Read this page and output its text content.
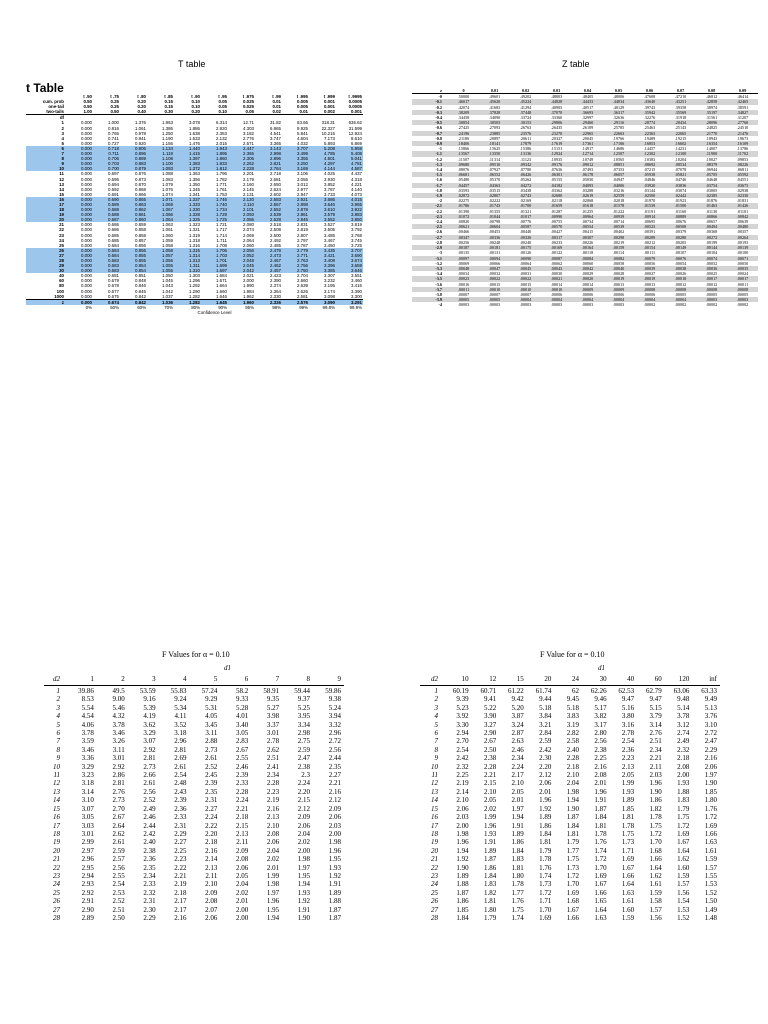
T table	Z table
F Values for α = 0.10	F Value for α = 0.10
t Table
	t .50	t .75	t .80	t .85	t .90	t .95	t .975	t .99	t .995	t .999	t .9995
cum. prob	0.50	0.25	0.20	0.15	0.10	0.05	0.025	0.01	0.005	0.001	0.0005
one-tail	0.50	0.25	0.20	0.15	0.10	0.05	0.025	0.01	0.005	0.001	0.0005
two-tails	1.00	0.50	0.40	0.30	0.20	0.10	0.05	0.02	0.01	0.002	0.001
df											
1	0.000	1.000	1.376	1.963	3.078	6.314	12.71	31.82	63.66	318.31	636.62
2	0.000	0.816	1.061	1.386	1.886	2.920	4.303	6.965	9.925	22.327	31.599
3	0.000	0.765	0.978	1.250	1.638	2.353	3.182	4.541	5.841	10.215	12.924
4	0.000	0.741	0.941	1.190	1.533	2.132	2.776	3.747	4.604	7.173	8.610
5	0.000	0.727	0.920	1.156	1.476	2.015	2.571	3.365	4.032	5.893	6.869
6	0.000	0.718	0.906	1.134	1.440	1.943	2.447	3.143	3.707	5.208	5.959
7	0.000	0.711	0.896	1.119	1.415	1.895	2.365	2.998	3.499	4.785	5.408
8	0.000	0.706	0.889	1.108	1.397	1.860	2.306	2.896	3.355	4.501	5.041
9	0.000	0.703	0.883	1.100	1.383	1.833	2.262	2.821	3.250	4.297	4.781
10	0.000	0.700	0.879	1.093	1.372	1.812	2.228	2.764	3.169	4.144	4.587
11	0.000	0.697	0.876	1.088	1.363	1.796	2.201	2.718	3.106	4.025	4.437
12	0.000	0.695	0.873	1.083	1.356	1.782	2.179	2.681	3.055	3.930	4.318
13	0.000	0.694	0.870	1.079	1.350	1.771	2.160	2.650	3.012	3.852	4.221
14	0.000	0.692	0.868	1.076	1.345	1.761	2.145	2.624	2.977	3.787	4.140
15	0.000	0.691	0.866	1.074	1.341	1.753	2.131	2.602	2.947	3.733	4.073
16	0.000	0.690	0.865	1.071	1.337	1.746	2.120	2.583	2.921	3.686	4.015
17	0.000	0.689	0.863	1.069	1.333	1.740	2.110	2.567	2.898	3.646	3.965
18	0.000	0.688	0.862	1.067	1.330	1.734	2.101	2.552	2.878	3.610	3.922
19	0.000	0.688	0.861	1.066	1.328	1.729	2.093	2.539	2.861	3.579	3.883
20	0.000	0.687	0.860	1.064	1.325	1.725	2.086	2.528	2.845	3.552	3.850
21	0.000	0.686	0.859	1.063	1.323	1.721	2.080	2.518	2.831	3.527	3.819
22	0.000	0.686	0.858	1.061	1.321	1.717	2.074	2.508	2.819	3.505	3.792
23	0.000	0.685	0.858	1.060	1.319	1.714	2.069	2.500	2.807	3.485	3.768
24	0.000	0.685	0.857	1.059	1.318	1.711	2.064	2.492	2.797	3.467	3.745
25	0.000	0.684	0.856	1.058	1.316	1.708	2.060	2.485	2.787	3.450	3.725
26	0.000	0.684	0.856	1.058	1.315	1.706	2.056	2.479	2.779	3.435	3.707
27	0.000	0.684	0.855	1.057	1.314	1.703	2.052	2.473	2.771	3.421	3.690
28	0.000	0.683	0.855	1.056	1.313	1.701	2.048	2.467	2.763	3.408	3.674
29	0.000	0.683	0.854	1.055	1.311	1.699	2.045	2.462	2.756	3.396	3.659
30	0.000	0.683	0.854	1.055	1.310	1.697	2.042	2.457	2.750	3.385	3.646
40	0.000	0.681	0.851	1.050	1.303	1.684	2.021	2.423	2.704	3.307	3.551
60	0.000	0.679	0.848	1.045	1.296	1.671	2.000	2.390	2.660	3.232	3.460
80	0.000	0.678	0.846	1.043	1.292	1.664	1.990	2.374	2.639	3.195	3.416
100	0.000	0.677	0.845	1.042	1.290	1.660	1.984	2.364	2.626	3.174	3.390
1000	0.000	0.675	0.842	1.037	1.282	1.646	1.962	2.330	2.581	3.098	3.300
z	0.000	0.674	0.842	1.036	1.282	1.645	1.960	2.326	2.576	3.090	3.291
	0%	50%	60%	70%	80%	90%	95%	98%	99%	99.8%	99.9%
	Confidence Level										
z	0	0.01	0.02	0.03	0.04	0.05	0.06	0.07	0.08	0.09
-0	.50000	.49601	.49202	.48803	.48405	.48006	.47608	.47210	.46812	.46414
-0.1	.46017	.45620	.45224	.44828	.44433	.44034	.43640	.43251	.42858	.42465
-0.2	.42074	.41683	.41294	.40905	.40517	.40129	.39743	.39358	.38974	.38591
-0.3	.38209	.37828	.37448	.37070	.36693	.36317	.35942	.35569	.35197	.34827
-0.4	.34458	.34090	.33724	.33360	.32997	.32636	.32276	.31918	.31561	.31207
-0.5	.30854	.30503	.30153	.29806	.29460	.29116	.28774	.28434	.28096	.27760
-0.6	.27425	.27093	.26763	.26435	.26109	.25785	.25463	.25143	.24825	.24510
-0.7	.24196	.23885	.23576	.23270	.22965	.22663	.22363	.22065	.21770	.21476
-0.8	.21186	.20897	.20611	.20327	.20045	.19766	.19489	.19215	.18943	.18673
-0.9	.18406	.18141	.17879	.17619	.17361	.17106	.16853	.16602	.16354	.16109
-1	.15866	.15625	.15386	.15151	.14917	.14686	.14457	.14231	.14007	.13786
-1.1	.13567	.13350	.13136	.12924	.12714	.12507	.12302	.12100	.11900	.11702
-1.2	.11507	.11314	.11123	.10935	.10749	.10565	.10383	.10204	.10027	.09853
-1.3	.09680	.09510	.09342	.09176	.09012	.08851	.08692	.08534	.08379	.08226
-1.4	.08076	.07927	.07780	.07636	.07493	.07353	.07215	.07078	.06944	.06811
-1.5	.06681	.06552	.06426	.06301	.06178	.06057	.05938	.05821	.05705	.05592
-1.6	.05480	.05370	.05262	.05155	.05050	.04947	.04846	.04746	.04648	.04551
-1.7	.04457	.04363	.04272	.04182	.04093	.04006	.03920	.03836	.03754	.03673
-1.8	.03593	.03515	.03438	.03362	.03288	.03216	.03144	.03074	.03005	.02938
-1.9	.02872	.02807	.02743	.02680	.02619	.02559	.02500	.02442	.02385	.02330
-2	.02275	.02222	.02169	.02118	.02068	.02018	.01970	.01923	.01876	.01831
-2.1	.01786	.01743	.01700	.01659	.01618	.01578	.01539	.01500	.01463	.01426
-2.2	.01390	.01355	.01321	.01287	.01255	.01222	.01191	.01160	.01130	.01101
-2.3	.01072	.01044	.01017	.00990	.00964	.00939	.00914	.00889	.00866	.00842
-2.4	.00820	.00798	.00776	.00755	.00734	.00714	.00695	.00676	.00657	.00639
-2.5	.00621	.00604	.00587	.00570	.00554	.00539	.00523	.00508	.00494	.00480
-2.6	.00466	.00453	.00440	.00427	.00415	.00402	.00391	.00379	.00368	.00357
-2.7	.00347	.00336	.00326	.00317	.00307	.00298	.00289	.00280	.00272	.00264
-2.8	.00256	.00248	.00240	.00233	.00226	.00219	.00212	.00205	.00199	.00193
-2.9	.00187	.00181	.00175	.00169	.00164	.00159	.00154	.00149	.00144	.00139
-3	.00135	.00131	.00126	.00122	.00118	.00114	.00111	.00107	.00104	.00100
-3.1	.00097	.00094	.00090	.00087	.00084	.00082	.00079	.00076	.00074	.00071
-3.2	.00069	.00066	.00064	.00062	.00060	.00058	.00056	.00054	.00052	.00050
-3.3	.00048	.00047	.00045	.00043	.00042	.00040	.00039	.00038	.00036	.00035
-3.4	.00034	.00032	.00031	.00030	.00029	.00028	.00027	.00026	.00025	.00024
-3.5	.00023	.00022	.00022	.00021	.00020	.00019	.00019	.00018	.00017	.00017
-3.6	.00016	.00015	.00015	.00014	.00014	.00013	.00013	.00012	.00012	.00011
-3.7	.00011	.00010	.00010	.00010	.00009	.00009	.00008	.00008	.00008	.00008
-3.8	.00007	.00007	.00007	.00006	.00006	.00006	.00006	.00005	.00005	.00005
-3.9	.00005	.00005	.00004	.00004	.00004	.00004	.00004	.00004	.00003	.00003
-4	.00003	.00003	.00003	.00003	.00003	.00003	.00002	.00002	.00002	.00002
d1
d2	1	2	3	4	5	6	7	8	9
1	39.86	49.5	53.59	55.83	57.24	58.2	58.91	59.44	59.86
2	8.53	9.00	9.16	9.24	9.29	9.33	9.35	9.37	9.38
3	5.54	5.46	5.39	5.34	5.31	5.28	5.27	5.25	5.24
4	4.54	4.32	4.19	4.11	4.05	4.01	3.98	3.95	3.94
5	4.06	3.78	3.62	3.52	3.45	3.40	3.37	3.34	3.32
6	3.78	3.46	3.29	3.18	3.11	3.05	3.01	2.98	2.96
7	3.59	3.26	3.07	2.96	2.88	2.83	2.78	2.75	2.72
8	3.46	3.11	2.92	2.81	2.73	2.67	2.62	2.59	2.56
9	3.36	3.01	2.81	2.69	2.61	2.55	2.51	2.47	2.44
10	3.29	2.92	2.73	2.61	2.52	2.46	2.41	2.38	2.35
11	3.23	2.86	2.66	2.54	2.45	2.39	2.34	2.3	2.27
12	3.18	2.81	2.61	2.48	2.39	2.33	2.28	2.24	2.21
13	3.14	2.76	2.56	2.43	2.35	2.28	2.23	2.20	2.16
14	3.10	2.73	2.52	2.39	2.31	2.24	2.19	2.15	2.12
15	3.07	2.70	2.49	2.36	2.27	2.21	2.16	2.12	2.09
16	3.05	2.67	2.46	2.33	2.24	2.18	2.13	2.09	2.06
17	3.03	2.64	2.44	2.31	2.22	2.15	2.10	2.06	2.03
18	3.01	2.62	2.42	2.29	2.20	2.13	2.08	2.04	2.00
19	2.99	2.61	2.40	2.27	2.18	2.11	2.06	2.02	1.98
20	2.97	2.59	2.38	2.25	2.16	2.09	2.04	2.00	1.96
21	2.96	2.57	2.36	2.23	2.14	2.08	2.02	1.98	1.95
22	2.95	2.56	2.35	2.22	2.13	2.06	2.01	1.97	1.93
23	2.94	2.55	2.34	2.21	2.11	2.05	1.99	1.95	1.92
24	2.93	2.54	2.33	2.19	2.10	2.04	1.98	1.94	1.91
25	2.92	2.53	2.32	2.18	2.09	2.02	1.97	1.93	1.89
26	2.91	2.52	2.31	2.17	2.08	2.01	1.96	1.92	1.88
27	2.90	2.51	2.30	2.17	2.07	2.00	1.95	1.91	1.87
28	2.89	2.50	2.29	2.16	2.06	2.00	1.94	1.90	1.87
d1
d2	10	12	15	20	24	30	40	60	120	inf
1	60.19	60.71	61.22	61.74	62	62.26	62.53	62.79	63.06	63.33
2	9.39	9.41	9.42	9.44	9.45	9.46	9.47	9.47	9.48	9.49
3	5.23	5.22	5.20	5.18	5.18	5.17	5.16	5.15	5.14	5.13
4	3.92	3.90	3.87	3.84	3.83	3.82	3.80	3.79	3.78	3.76
5	3.30	3.27	3.24	3.21	3.19	3.17	3.16	3.14	3.12	3.10
6	2.94	2.90	2.87	2.84	2.82	2.80	2.78	2.76	2.74	2.72
7	2.70	2.67	2.63	2.59	2.58	2.56	2.54	2.51	2.49	2.47
8	2.54	2.50	2.46	2.42	2.40	2.38	2.36	2.34	2.32	2.29
9	2.42	2.38	2.34	2.30	2.28	2.25	2.23	2.21	2.18	2.16
10	2.32	2.28	2.24	2.20	2.18	2.16	2.13	2.11	2.08	2.06
11	2.25	2.21	2.17	2.12	2.10	2.08	2.05	2.03	2.00	1.97
12	2.19	2.15	2.10	2.06	2.04	2.01	1.99	1.96	1.93	1.90
13	2.14	2.10	2.05	2.01	1.98	1.96	1.93	1.90	1.88	1.85
14	2.10	2.05	2.01	1.96	1.94	1.91	1.89	1.86	1.83	1.80
15	2.06	2.02	1.97	1.92	1.90	1.87	1.85	1.82	1.79	1.76
16	2.03	1.99	1.94	1.89	1.87	1.84	1.81	1.78	1.75	1.72
17	2.00	1.96	1.91	1.86	1.84	1.81	1.78	1.75	1.72	1.69
18	1.98	1.93	1.89	1.84	1.81	1.78	1.75	1.72	1.69	1.66
19	1.96	1.91	1.86	1.81	1.79	1.76	1.73	1.70	1.67	1.63
20	1.94	1.89	1.84	1.79	1.77	1.74	1.71	1.68	1.64	1.61
21	1.92	1.87	1.83	1.78	1.75	1.72	1.69	1.66	1.62	1.59
22	1.90	1.86	1.81	1.76	1.73	1.70	1.67	1.64	1.60	1.57
23	1.89	1.84	1.80	1.74	1.72	1.69	1.66	1.62	1.59	1.55
24	1.88	1.83	1.78	1.73	1.70	1.67	1.64	1.61	1.57	1.53
25	1.87	1.82	1.77	1.72	1.69	1.66	1.63	1.59	1.56	1.52
26	1.86	1.81	1.76	1.71	1.68	1.65	1.61	1.58	1.54	1.50
27	1.85	1.80	1.75	1.70	1.67	1.64	1.60	1.57	1.53	1.49
28	1.84	1.79	1.74	1.69	1.66	1.63	1.59	1.56	1.52	1.48
